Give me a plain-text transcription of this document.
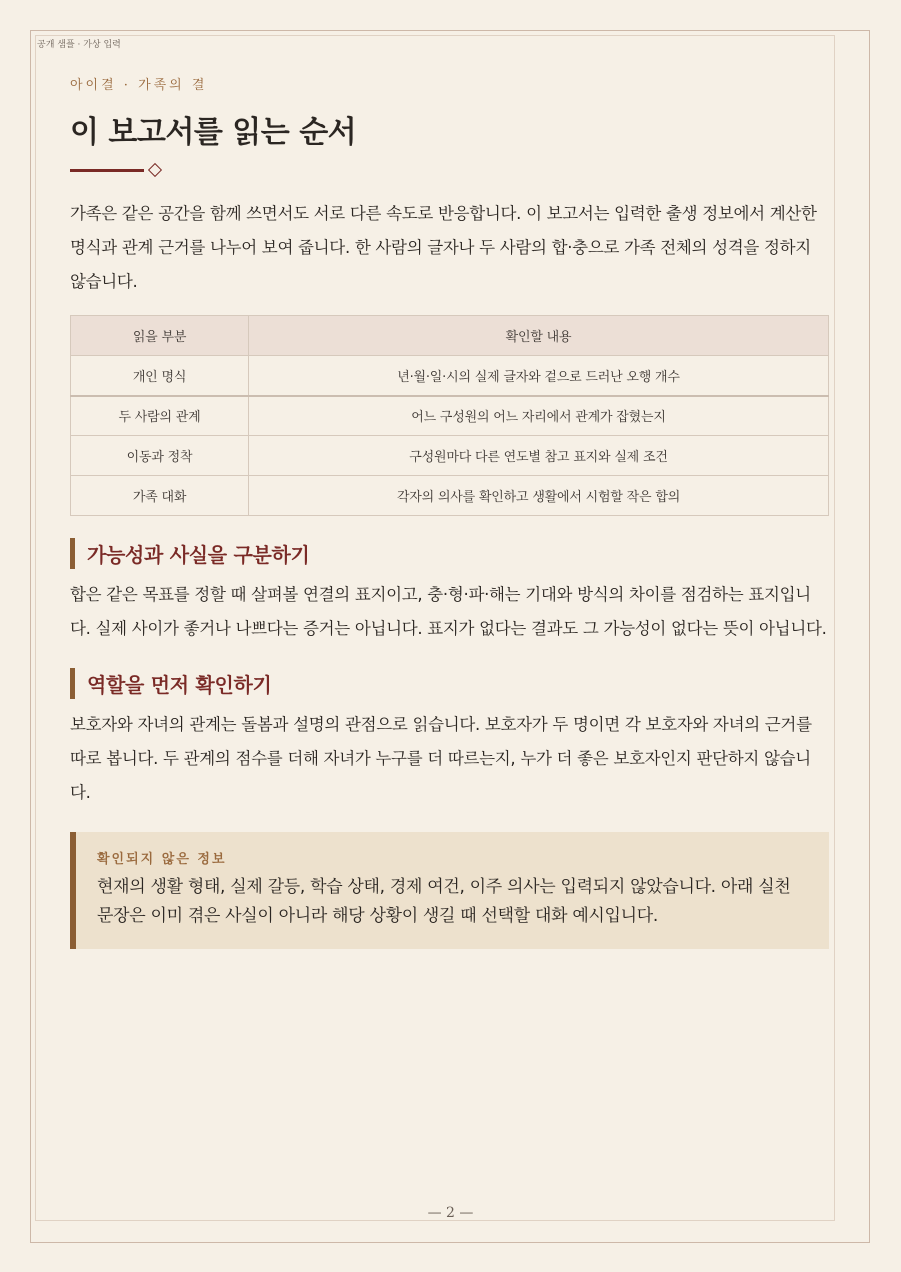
공개 샘플 · 가상 입력
아이결 · 가족의 결
이 보고서를 읽는 순서

가족은 같은 공간을 함께 쓰면서도 서로 다른 속도로 반응합니다. 이 보고서는 입력한 출생 정보에서 계산한 명식과 관계 근거를 나누어 보여 줍니다. 한 사람의 글자나 두 사람의 합·충으로 가족 전체의 성격을 정하지 않습니다.

읽을 부분	확인할 내용
개인 명식	년·월·일·시의 실제 글자와 겉으로 드러난 오행 개수
두 사람의 관계	어느 구성원의 어느 자리에서 관계가 잡혔는지
이동과 정착	구성원마다 다른 연도별 참고 표지와 실제 조건
가족 대화	각자의 의사를 확인하고 생활에서 시험할 작은 합의
가능성과 사실을 구분하기

합은 같은 목표를 정할 때 살펴볼 연결의 표지이고, 충·형·파·해는 기대와 방식의 차이를 점검하는 표지입니다. 실제 사이가 좋거나 나쁘다는 증거는 아닙니다. 표지가 없다는 결과도 그 가능성이 없다는 뜻이 아닙니다.

역할을 먼저 확인하기

보호자와 자녀의 관계는 돌봄과 설명의 관점으로 읽습니다. 보호자가 두 명이면 각 보호자와 자녀의 근거를 따로 봅니다. 두 관계의 점수를 더해 자녀가 누구를 더 따르는지, 누가 더 좋은 보호자인지 판단하지 않습니다.

확인되지 않은 정보

현재의 생활 형태, 실제 갈등, 학습 상태, 경제 여건, 이주 의사는 입력되지 않았습니다. 아래 실천 문장은 이미 겪은 사실이 아니라 해당 상황이 생길 때 선택할 대화 예시입니다.

— 2 —
